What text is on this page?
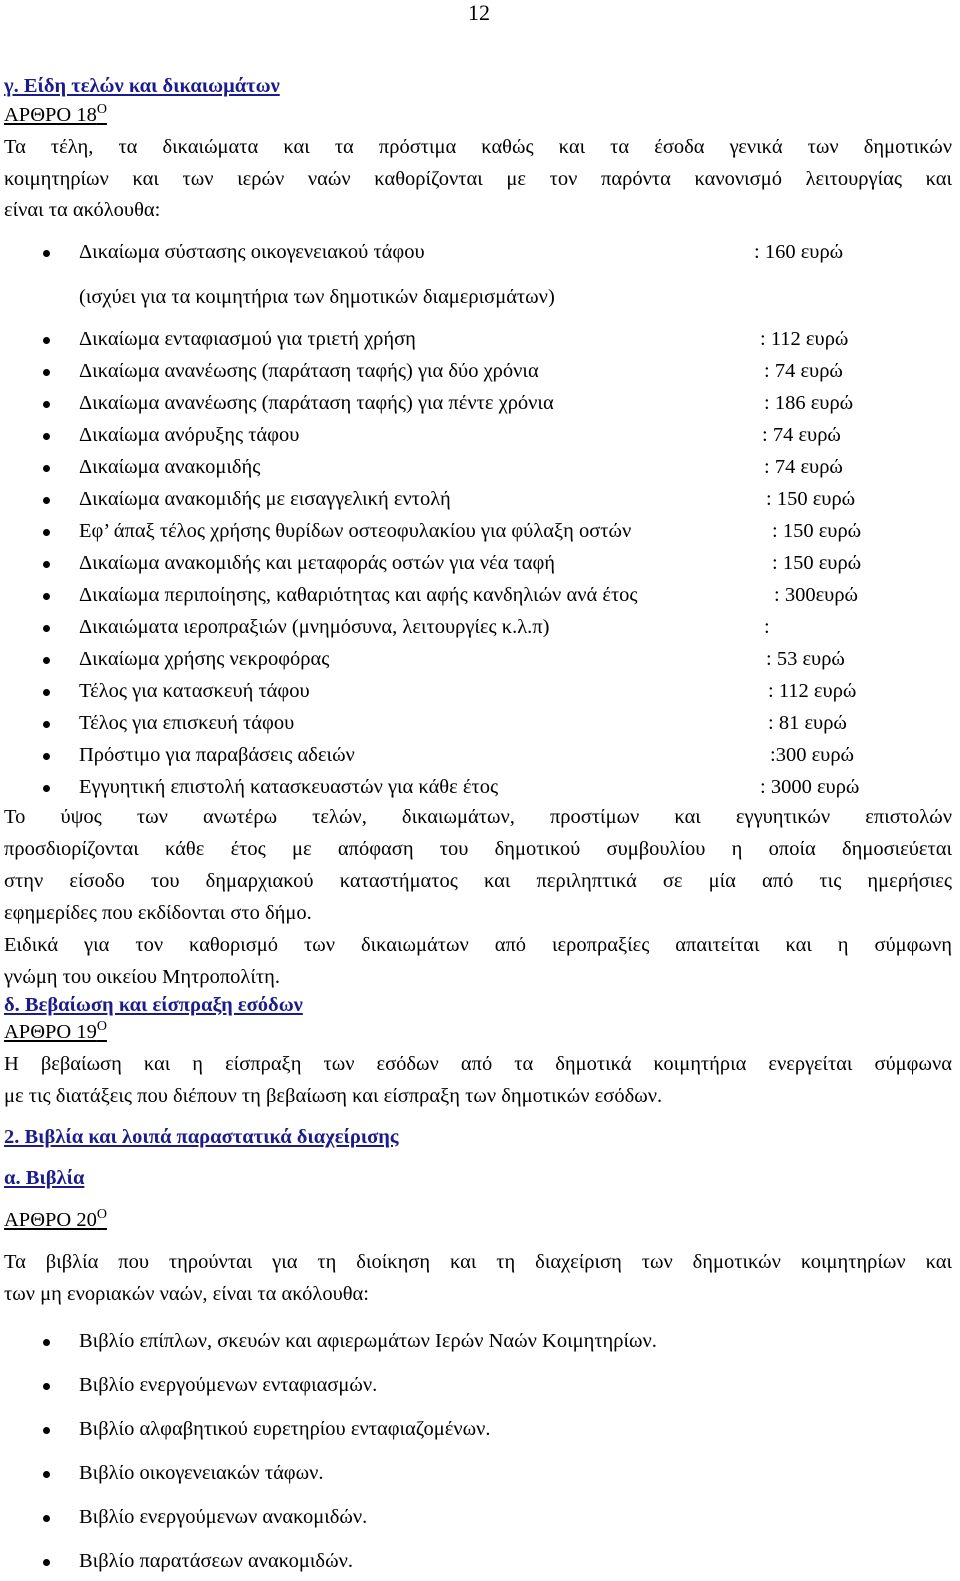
12
γ. Είδη τελών και δικαιωμάτων
ΑΡΘΡΟ $18^O$
Τα τέλη, τα δικαιώματα και τα πρόστιμα καθώς και τα έσοδα γενικά των δημοτικών
κοιμητηρίων και των ιερών ναών καθορίζονται με τον παρόντα κανονισμό λειτουργίας και
είναι τα ακόλουθα:
Δικαίωμα σύστασης οικογενειακού τάφου	: 160 ευρώ
(ισχύει για τα κοιμητήρια των δημοτικών διαμερισμάτων)
Δικαίωμα ενταφιασμού για τριετή χρήση	: 112 ευρώ
Δικαίωμα ανανέωσης (παράταση ταφής) για δύο χρόνια	: 74 ευρώ
Δικαίωμα ανανέωσης (παράταση ταφής) για πέντε χρόνια	: 186 ευρώ
Δικαίωμα ανόρυξης τάφου	: 74 ευρώ
Δικαίωμα ανακομιδής	: 74 ευρώ
Δικαίωμα ανακομιδής με εισαγγελική εντολή	: 150 ευρώ
Εφ’ άπαξ τέλος χρήσης θυρίδων οστεοφυλακίου για φύλαξη οστών	: 150 ευρώ
Δικαίωμα ανακομιδής και μεταφοράς οστών για νέα ταφή	: 150 ευρώ
Δικαίωμα περιποίησης, καθαριότητας και αφής κανδηλιών ανά έτος	: 300ευρώ
Δικαιώματα ιεροπραξιών (μνημόσυνα, λειτουργίες κ.λ.π)	:
Δικαίωμα χρήσης νεκροφόρας	: 53 ευρώ
Τέλος για κατασκευή τάφου	: 112 ευρώ
Τέλος για επισκευή τάφου	: 81 ευρώ
Πρόστιμο για παραβάσεις αδειών	:300 ευρώ
Εγγυητική επιστολή κατασκευαστών για κάθε έτος	: 3000 ευρώ
Το ύψος των ανωτέρω τελών, δικαιωμάτων, προστίμων και εγγυητικών επιστολών
προσδιορίζονται κάθε έτος με απόφαση του δημοτικού συμβουλίου η οποία δημοσιεύεται
στην είσοδο του δημαρχιακού καταστήματος και περιληπτικά σε μία από τις ημερήσιες
εφημερίδες που εκδίδονται στο δήμο.
Ειδικά για τον καθορισμό των δικαιωμάτων από ιεροπραξίες απαιτείται και η σύμφωνη
γνώμη του οικείου Μητροπολίτη.
δ. Βεβαίωση και είσπραξη εσόδων
ΑΡΘΡΟ $19^O$
Η βεβαίωση και η είσπραξη των εσόδων από τα δημοτικά κοιμητήρια ενεργείται σύμφωνα
με τις διατάξεις που διέπουν τη βεβαίωση και είσπραξη των δημοτικών εσόδων.
2. Βιβλία και λοιπά παραστατικά διαχείρισης
α. Βιβλία
ΑΡΘΡΟ $20^O$
Τα βιβλία που τηρούνται για τη διοίκηση και τη διαχείριση των δημοτικών κοιμητηρίων και
των μη ενοριακών ναών, είναι τα ακόλουθα:
Βιβλίο επίπλων, σκευών και αφιερωμάτων Ιερών Ναών Κοιμητηρίων.
Βιβλίο ενεργούμενων ενταφιασμών.
Βιβλίο αλφαβητικού ευρετηρίου ενταφιαζομένων.
Βιβλίο οικογενειακών τάφων.
Βιβλίο ενεργούμενων ανακομιδών.
Βιβλίο παρατάσεων ανακομιδών.
